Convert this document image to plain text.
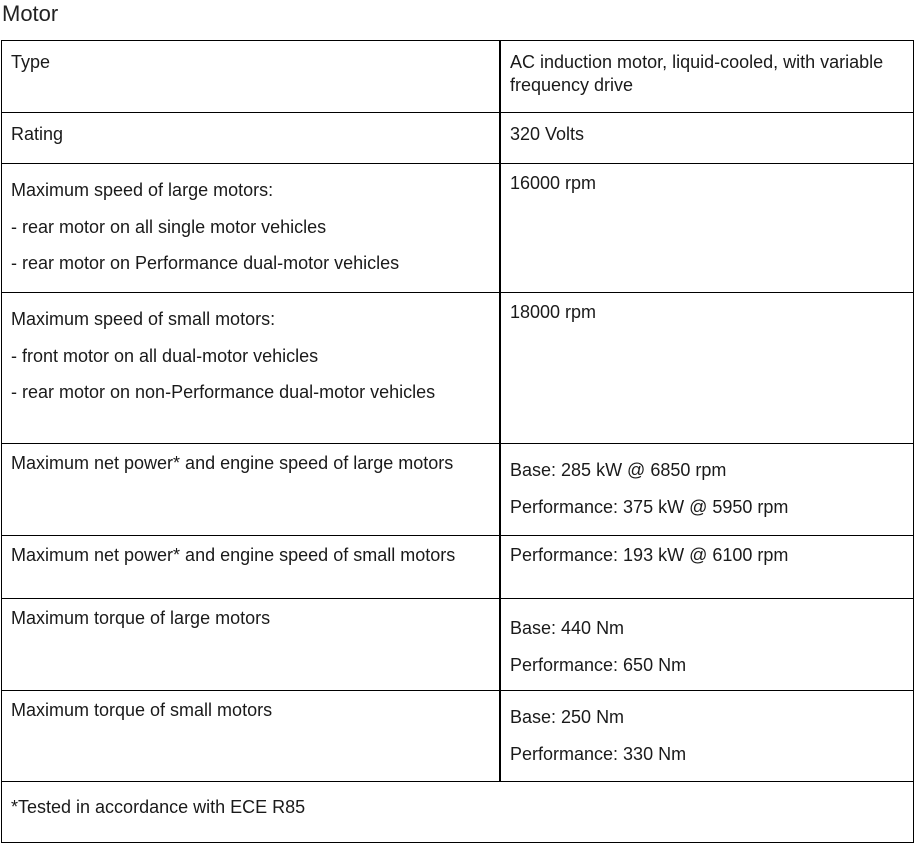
Motor

Type	AC induction motor, liquid-cooled, with variable frequency drive

Rating	320 Volts

Maximum speed of large motors:

- rear motor on all single motor vehicles

- rear motor on Performance dual-motor vehicles	16000 rpm

Maximum speed of small motors:

- front motor on all dual-motor vehicles

- rear motor on non-Performance dual-motor vehicles	18000 rpm

Maximum net power* and engine speed of large motors	Base: 285 kW @ 6850 rpm

Performance: 375 kW @ 5950 rpm

Maximum net power* and engine speed of small motors	Performance: 193 kW @ 6100 rpm

Maximum torque of large motors	Base: 440 Nm

Performance: 650 Nm

Maximum torque of small motors	Base: 250 Nm

Performance: 330 Nm

*Tested in accordance with ECE R85	
